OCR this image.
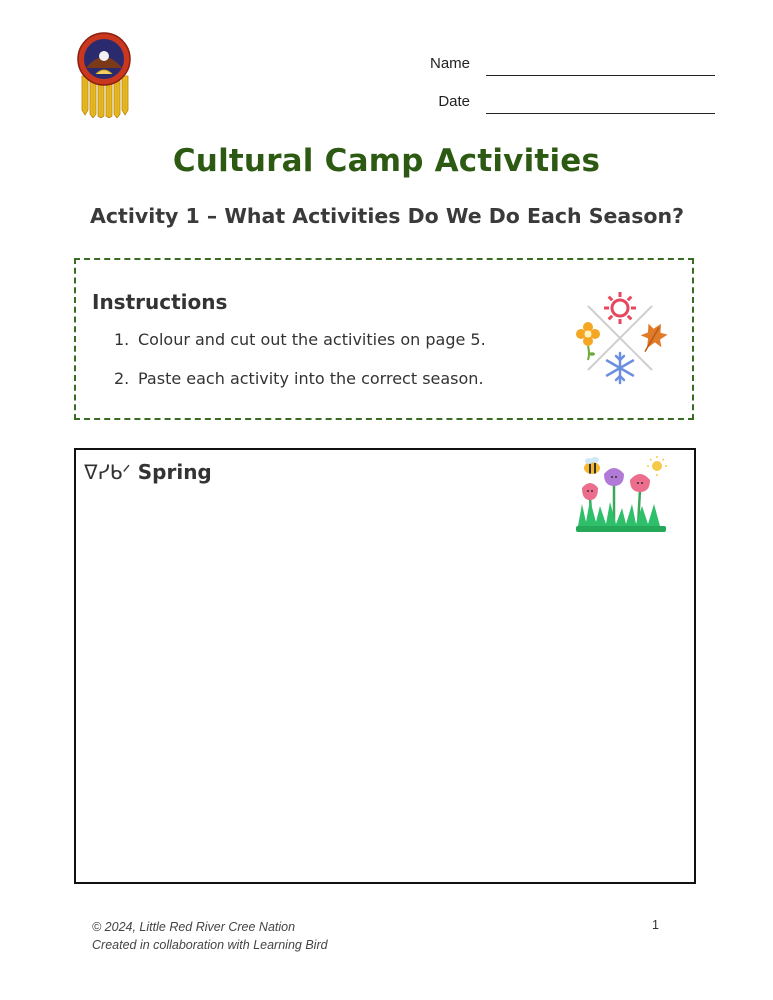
Name
Date
Cultural Camp Activities
Activity 1 – What Activities Do We Do Each Season?
Instructions
1. Colour and cut out the activities on page 5.
2. Paste each activity into the correct season.
ᐁᓯᑲᐟ Spring
© 2024, Little Red River Cree Nation
Created in collaboration with Learning Bird
1
